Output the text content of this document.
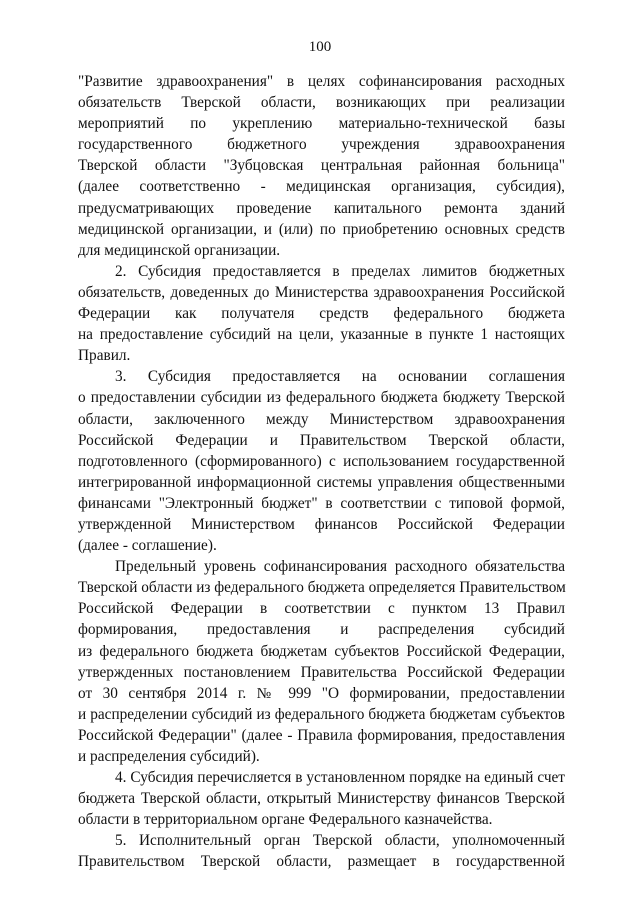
100
"Развитие здравоохранения" в целях софинансирования расходных
обязательств Тверской области, возникающих при реализации
мероприятий по укреплению материально-технической базы
государственного бюджетного учреждения здравоохранения
Тверской области "Зубцовская центральная районная больница"
(далее соответственно - медицинская организация, субсидия),
предусматривающих проведение капитального ремонта зданий
медицинской организации, и (или) по приобретению основных средств
для медицинской организации.
2. Субсидия предоставляется в пределах лимитов бюджетных
обязательств, доведенных до Министерства здравоохранения Российской
Федерации как получателя средств федерального бюджета
на предоставление субсидий на цели, указанные в пункте 1 настоящих
Правил.
3. Субсидия предоставляется на основании соглашения
о предоставлении субсидии из федерального бюджета бюджету Тверской
области, заключенного между Министерством здравоохранения
Российской Федерации и Правительством Тверской области,
подготовленного (сформированного) с использованием государственной
интегрированной информационной системы управления общественными
финансами "Электронный бюджет" в соответствии с типовой формой,
утвержденной Министерством финансов Российской Федерации
(далее - соглашение).
Предельный уровень софинансирования расходного обязательства
Тверской области из федерального бюджета определяется Правительством
Российской Федерации в соответствии с пунктом 13 Правил
формирования, предоставления и распределения субсидий
из федерального бюджета бюджетам субъектов Российской Федерации,
утвержденных постановлением Правительства Российской Федерации
от 30 сентября 2014 г. № 999 "О формировании, предоставлении
и распределении субсидий из федерального бюджета бюджетам субъектов
Российской Федерации" (далее - Правила формирования, предоставления
и распределения субсидий).
4. Субсидия перечисляется в установленном порядке на единый счет
бюджета Тверской области, открытый Министерству финансов Тверской
области в территориальном органе Федерального казначейства.
5. Исполнительный орган Тверской области, уполномоченный
Правительством Тверской области, размещает в государственной
